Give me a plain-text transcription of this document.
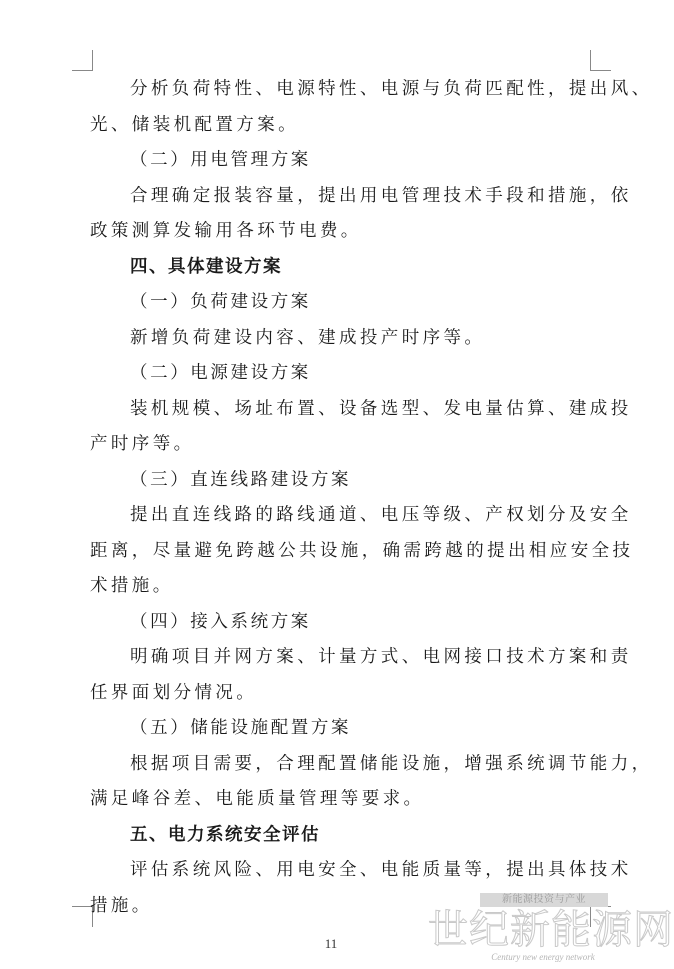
分析负荷特性、电源特性、电源与负荷匹配性，提出风、
光、储装机配置方案。
（二）用电管理方案
合理确定报装容量，提出用电管理技术手段和措施，依
政策测算发输用各环节电费。
四、具体建设方案
（一）负荷建设方案
新增负荷建设内容、建成投产时序等。
（二）电源建设方案
装机规模、场址布置、设备选型、发电量估算、建成投
产时序等。
（三）直连线路建设方案
提出直连线路的路线通道、电压等级、产权划分及安全
距离，尽量避免跨越公共设施，确需跨越的提出相应安全技
术措施。
（四）接入系统方案
明确项目并网方案、计量方式、电网接口技术方案和责
任界面划分情况。
（五）储能设施配置方案
根据项目需要，合理配置储能设施，增强系统调节能力，
满足峰谷差、电能质量管理等要求。
五、电力系统安全评估
评估系统风险、用电安全、电能质量等，提出具体技术
措施。
11
新能源投资与产业
世纪新能源网
Century new energy network
